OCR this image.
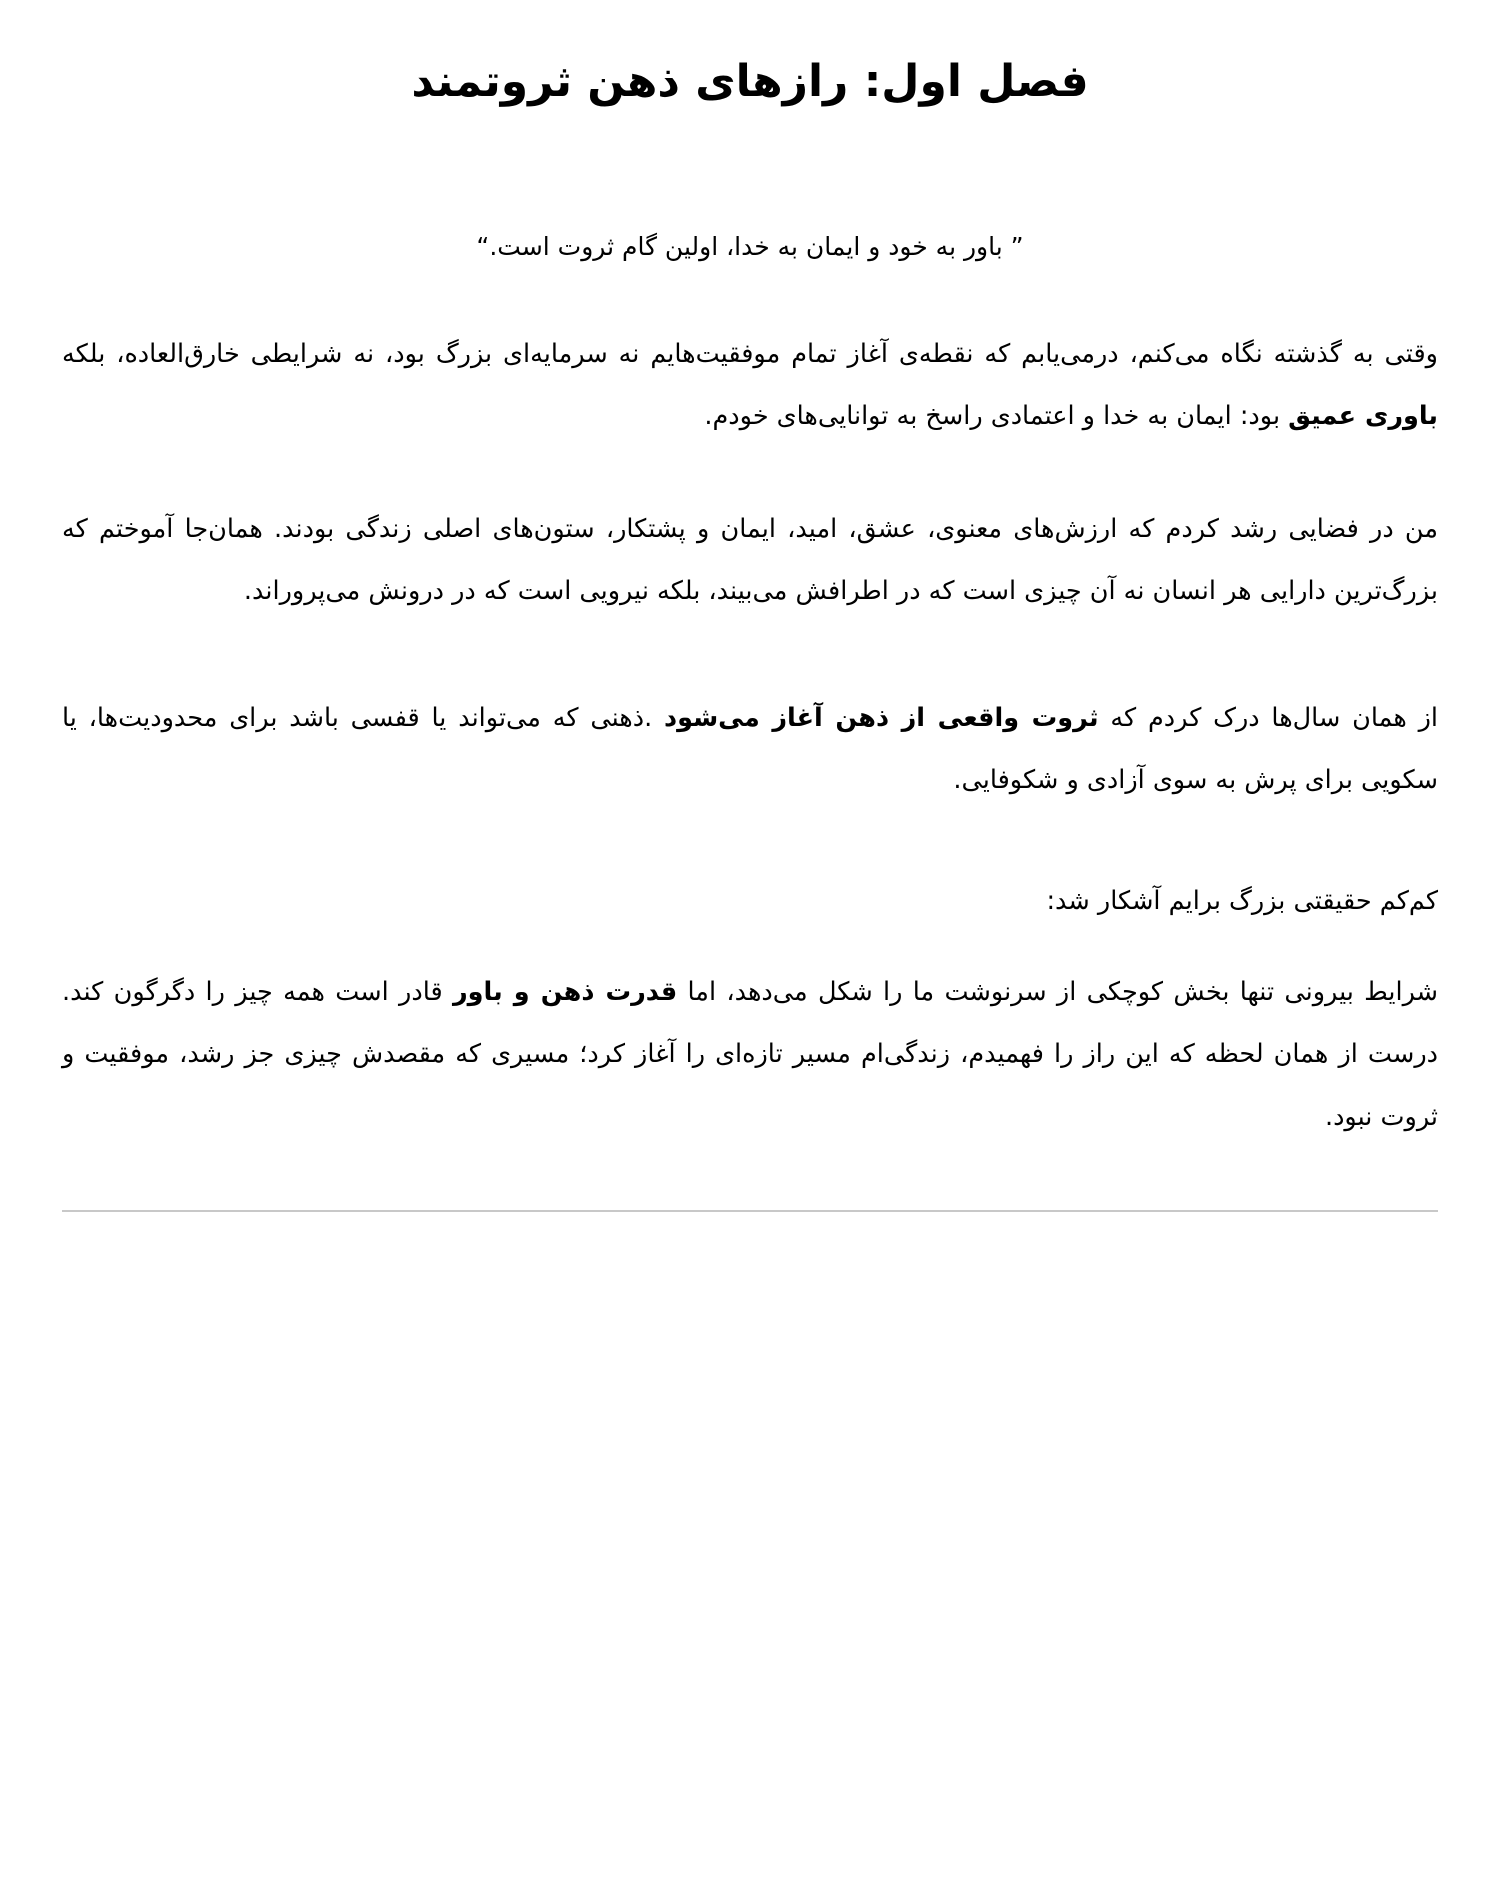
فصل اول: رازهای ذهن ثروتمند

” باور به خود و ایمان به خدا، اولین گام ثروت است.“

وقتی به گذشته نگاه می‌کنم، درمی‌یابم که نقطه‌ی آغاز تمام موفقیت‌هایم نه سرمایه‌ای بزرگ بود، نه شرایطی خارق‌العاده، بلکه باوری عمیق بود: ایمان به خدا و اعتمادی راسخ به توانایی‌های خودم.

من در فضایی رشد کردم که ارزش‌های معنوی، عشق، امید، ایمان و پشتکار، ستون‌های اصلی زندگی بودند. همان‌جا آموختم که بزرگ‌ترین دارایی هر انسان نه آن چیزی است که در اطرافش می‌بیند، بلکه نیرویی است که در درونش می‌پروراند.

از همان سال‌ها درک کردم که ثروت واقعی از ذهن آغاز می‌شود .ذهنی که می‌تواند یا قفسی باشد برای محدودیت‌ها، یا سکویی برای پرش به سوی آزادی و شکوفایی.

کم‌کم حقیقتی بزرگ برایم آشکار شد:

شرایط بیرونی تنها بخش کوچکی از سرنوشت ما را شکل می‌دهد، اما قدرت ذهن و باور قادر است همه چیز را دگرگون کند. درست از همان لحظه که این راز را فهمیدم، زندگی‌ام مسیر تازه‌ای را آغاز کرد؛ مسیری که مقصدش چیزی جز رشد، موفقیت و ثروت نبود.
